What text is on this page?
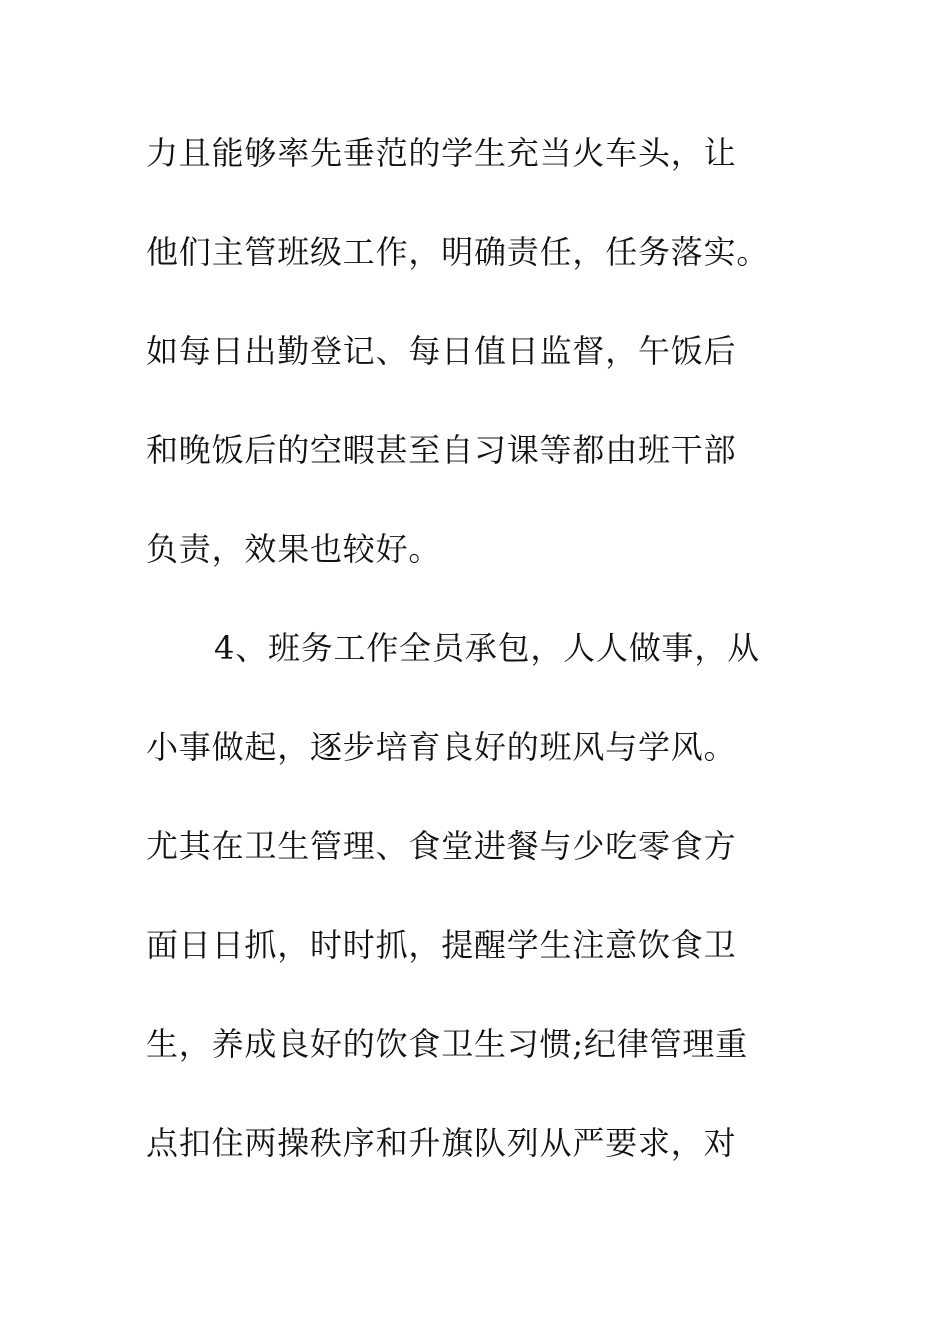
力且能够率先垂范的学生充当火车头，让
他们主管班级工作，明确责任，任务落实。
如每日出勤登记、每日值日监督，午饭后
和晚饭后的空暇甚至自习课等都由班干部
负责，效果也较好。
4、班务工作全员承包，人人做事，从
小事做起，逐步培育良好的班风与学风。
尤其在卫生管理、食堂进餐与少吃零食方
面日日抓，时时抓，提醒学生注意饮食卫
生，养成良好的饮食卫生习惯;纪律管理重
点扣住两操秩序和升旗队列从严要求，对
